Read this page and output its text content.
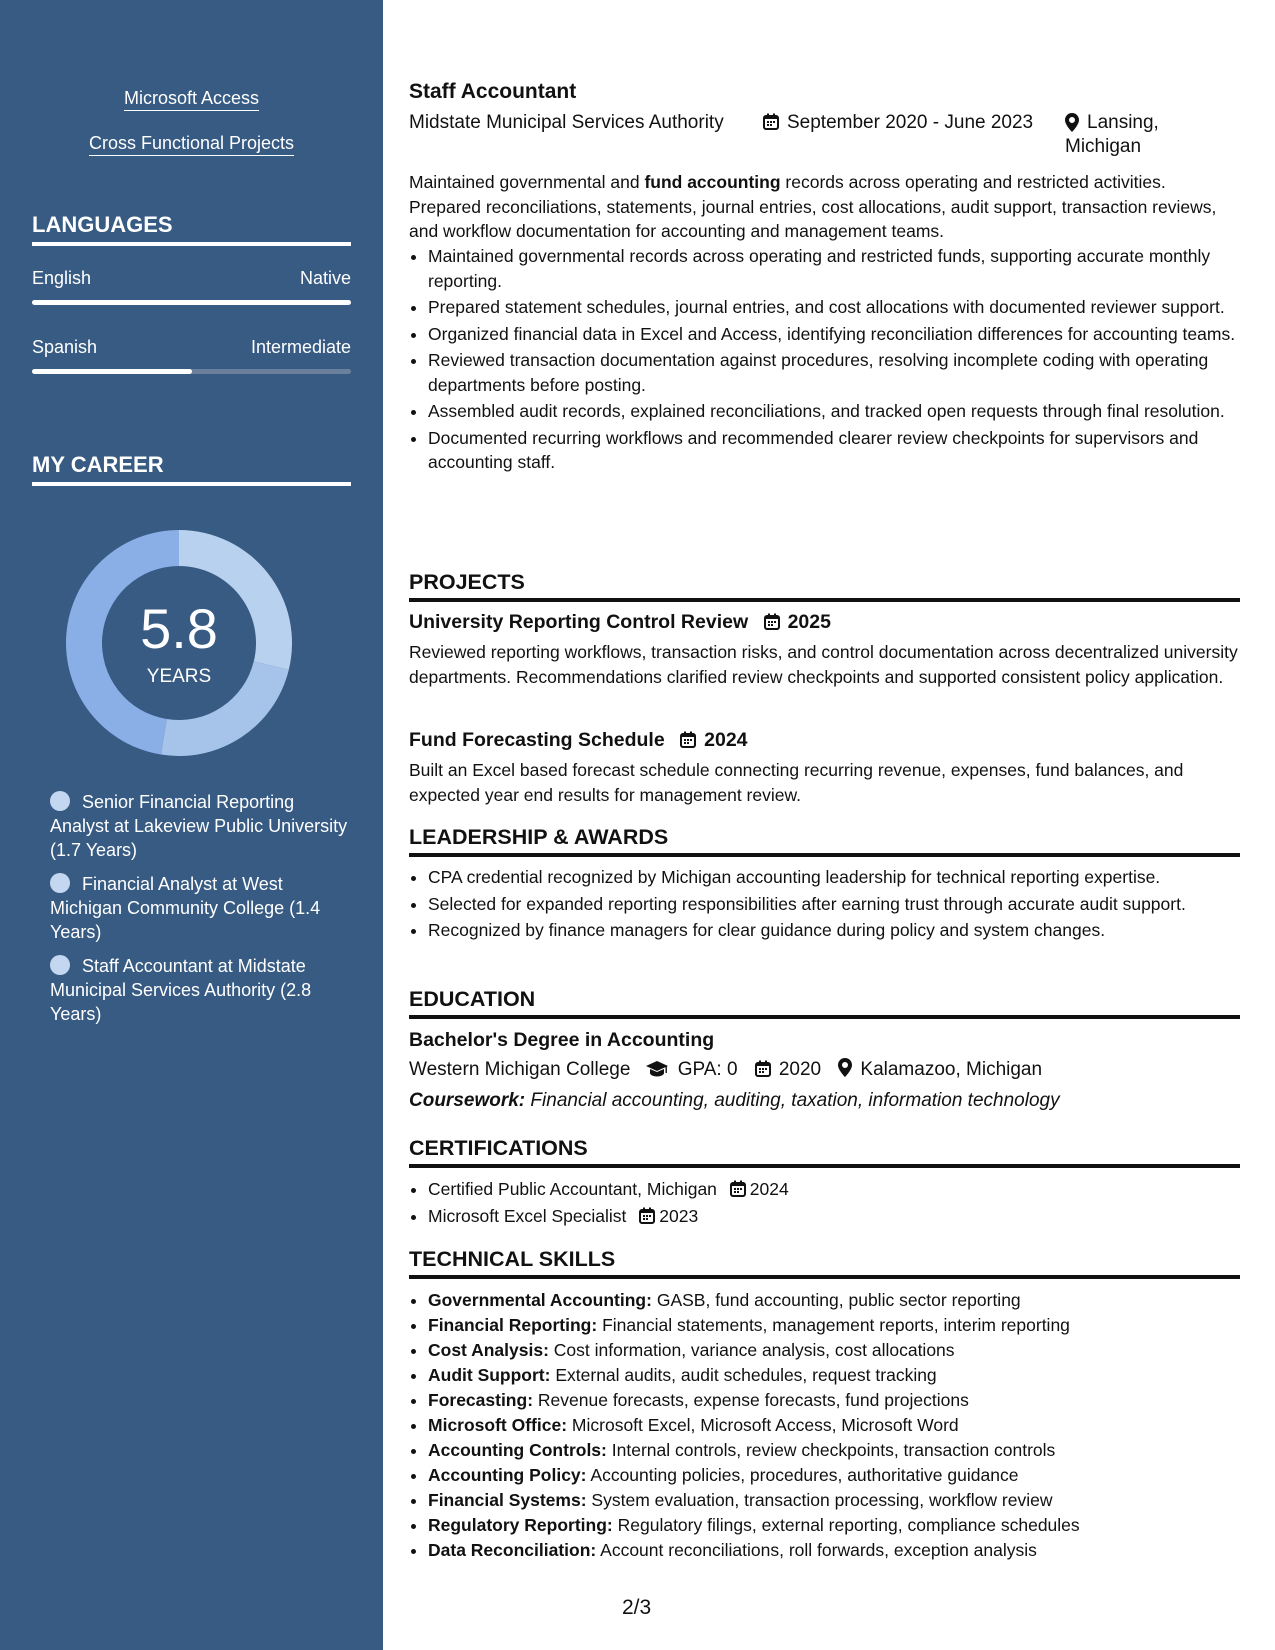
Microsoft Access
Cross Functional Projects
LANGUAGES
English	Native
Spanish	Intermediate
MY CAREER
5.8
YEARS
Senior Financial Reporting Analyst at Lakeview Public University (1.7 Years)
Financial Analyst at West Michigan Community College (1.4 Years)
Staff Accountant at Midstate Municipal Services Authority (2.8 Years)
Staff Accountant
Midstate Municipal Services Authority	September 2020 - June 2023	Lansing, Michigan

Maintained governmental and fund accounting records across operating and restricted activities. Prepared reconciliations, statements, journal entries, cost allocations, audit support, transaction reviews, and workflow documentation for accounting and management teams.

• Maintained governmental records across operating and restricted funds, supporting accurate monthly reporting.
• Prepared statement schedules, journal entries, and cost allocations with documented reviewer support.
• Organized financial data in Excel and Access, identifying reconciliation differences for accounting teams.
• Reviewed transaction documentation against procedures, resolving incomplete coding with operating departments before posting.
• Assembled audit records, explained reconciliations, and tracked open requests through final resolution.
• Documented recurring workflows and recommended clearer review checkpoints for supervisors and accounting staff.
PROJECTS
University Reporting Control Review 2025

Reviewed reporting workflows, transaction risks, and control documentation across decentralized university departments. Recommendations clarified review checkpoints and supported consistent policy application.

Fund Forecasting Schedule 2024

Built an Excel based forecast schedule connecting recurring revenue, expenses, fund balances, and expected year end results for management review.

LEADERSHIP & AWARDS
• CPA credential recognized by Michigan accounting leadership for technical reporting expertise.
• Selected for expanded reporting responsibilities after earning trust through accurate audit support.
• Recognized by finance managers for clear guidance during policy and system changes.
EDUCATION
Bachelor's Degree in Accounting
Western Michigan College GPA: 0 2020 Kalamazoo, Michigan
Coursework: Financial accounting, auditing, taxation, information technology
CERTIFICATIONS
• Certified Public Accountant, Michigan 2024
• Microsoft Excel Specialist 2023
TECHNICAL SKILLS
• Governmental Accounting: GASB, fund accounting, public sector reporting
• Financial Reporting: Financial statements, management reports, interim reporting
• Cost Analysis: Cost information, variance analysis, cost allocations
• Audit Support: External audits, audit schedules, request tracking
• Forecasting: Revenue forecasts, expense forecasts, fund projections
• Microsoft Office: Microsoft Excel, Microsoft Access, Microsoft Word
• Accounting Controls: Internal controls, review checkpoints, transaction controls
• Accounting Policy: Accounting policies, procedures, authoritative guidance
• Financial Systems: System evaluation, transaction processing, workflow review
• Regulatory Reporting: Regulatory filings, external reporting, compliance schedules
• Data Reconciliation: Account reconciliations, roll forwards, exception analysis
2/3
